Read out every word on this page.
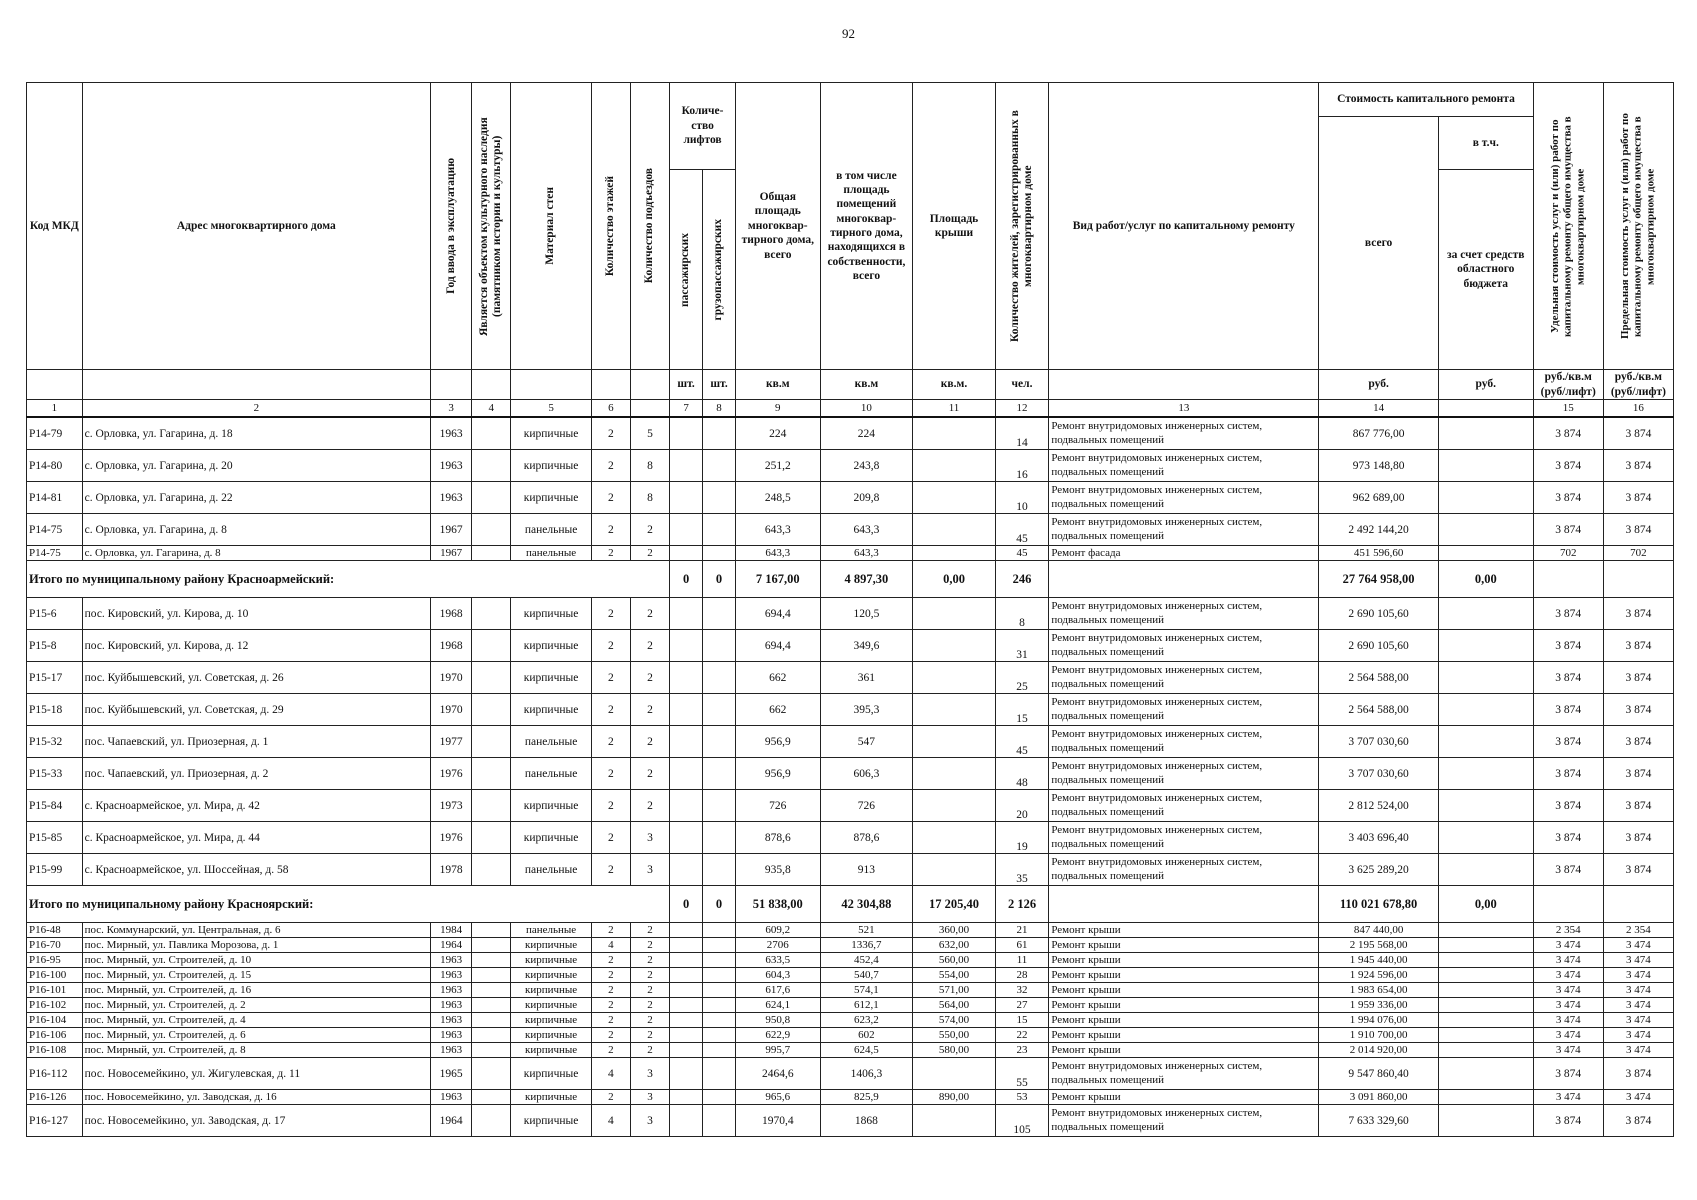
92
Код МКД	Адрес многоквартирного дома	Год ввода в эксплуатацию	Является объектом культурного наследия (памятником истории и культуры)	Материал стен	Количество этажей	Количество подъездов	Количе- ство лифтов		Общая площадь многоквар- тирного дома, всего	в том числе площадь помещений многоквар- тирного дома, находящихся в собственности, всего	Площадь крыши	Количество жителей, зарегистрированных в многоквартирном доме	Вид работ/услуг по капитальному ремонту	Стоимость капитального ремонта		Удельная стоимость услуг и (или) работ по капитальному ремонту общего имущества в многоквартирном доме	Предельная стоимость услуг и (или) работ по капитальному ремонту общего имущества в многоквартирном доме

														всего	в т.ч.		

							пассажирских	грузопассажирских							за счет средств областного бюджета		
							шт.	шт.	кв.м	кв.м	кв.м.	чел.		руб.	руб.	руб./кв.м (руб/лифт)	руб./кв.м (руб/лифт)
1	2	3	4	5	6		7	8	9	10	11	12	13	14		15	16
Р14-79	с. Орловка, ул. Гагарина, д. 18	1963		кирпичные	2	5			224	224		14	Ремонт внутридомовых инженерных систем, подвальных помещений	867 776,00		3 874	3 874
Р14-80	с. Орловка, ул. Гагарина, д. 20	1963		кирпичные	2	8			251,2	243,8		16	Ремонт внутридомовых инженерных систем, подвальных помещений	973 148,80		3 874	3 874
Р14-81	с. Орловка, ул. Гагарина, д. 22	1963		кирпичные	2	8			248,5	209,8		10	Ремонт внутридомовых инженерных систем, подвальных помещений	962 689,00		3 874	3 874
Р14-75	с. Орловка, ул. Гагарина, д. 8	1967		панельные	2	2			643,3	643,3		45	Ремонт внутридомовых инженерных систем, подвальных помещений	2 492 144,20		3 874	3 874
Р14-75	с. Орловка, ул. Гагарина, д. 8	1967		панельные	2	2			643,3	643,3		45	Ремонт фасада	451 596,60		702	702
Итого по муниципальному району Красноармейский:							0	0	7 167,00	4 897,30	0,00	246		27 764 958,00	0,00		
Р15-6	пос. Кировский, ул. Кирова, д. 10	1968		кирпичные	2	2			694,4	120,5		8	Ремонт внутридомовых инженерных систем, подвальных помещений	2 690 105,60		3 874	3 874
Р15-8	пос. Кировский, ул. Кирова, д. 12	1968		кирпичные	2	2			694,4	349,6		31	Ремонт внутридомовых инженерных систем, подвальных помещений	2 690 105,60		3 874	3 874
Р15-17	пос. Куйбышевский, ул. Советская, д. 26	1970		кирпичные	2	2			662	361		25	Ремонт внутридомовых инженерных систем, подвальных помещений	2 564 588,00		3 874	3 874
Р15-18	пос. Куйбышевский, ул. Советская, д. 29	1970		кирпичные	2	2			662	395,3		15	Ремонт внутридомовых инженерных систем, подвальных помещений	2 564 588,00		3 874	3 874
Р15-32	пос. Чапаевский, ул. Приозерная, д. 1	1977		панельные	2	2			956,9	547		45	Ремонт внутридомовых инженерных систем, подвальных помещений	3 707 030,60		3 874	3 874
Р15-33	пос. Чапаевский, ул. Приозерная, д. 2	1976		панельные	2	2			956,9	606,3		48	Ремонт внутридомовых инженерных систем, подвальных помещений	3 707 030,60		3 874	3 874
Р15-84	с. Красноармейское, ул. Мира, д. 42	1973		кирпичные	2	2			726	726		20	Ремонт внутридомовых инженерных систем, подвальных помещений	2 812 524,00		3 874	3 874
Р15-85	с. Красноармейское, ул. Мира, д. 44	1976		кирпичные	2	3			878,6	878,6		19	Ремонт внутридомовых инженерных систем, подвальных помещений	3 403 696,40		3 874	3 874
Р15-99	с. Красноармейское, ул. Шоссейная, д. 58	1978		панельные	2	3			935,8	913		35	Ремонт внутридомовых инженерных систем, подвальных помещений	3 625 289,20		3 874	3 874
Итого по муниципальному району Красноярский:							0	0	51 838,00	42 304,88	17 205,40	2 126		110 021 678,80	0,00		
Р16-48	пос. Коммунарский, ул. Центральная, д. 6	1984		панельные	2	2			609,2	521	360,00	21	Ремонт крыши	847 440,00		2 354	2 354
Р16-70	пос. Мирный, ул. Павлика Морозова, д. 1	1964		кирпичные	4	2			2706	1336,7	632,00	61	Ремонт крыши	2 195 568,00		3 474	3 474
Р16-95	пос. Мирный, ул. Строителей, д. 10	1963		кирпичные	2	2			633,5	452,4	560,00	11	Ремонт крыши	1 945 440,00		3 474	3 474
Р16-100	пос. Мирный, ул. Строителей, д. 15	1963		кирпичные	2	2			604,3	540,7	554,00	28	Ремонт крыши	1 924 596,00		3 474	3 474
Р16-101	пос. Мирный, ул. Строителей, д. 16	1963		кирпичные	2	2			617,6	574,1	571,00	32	Ремонт крыши	1 983 654,00		3 474	3 474
Р16-102	пос. Мирный, ул. Строителей, д. 2	1963		кирпичные	2	2			624,1	612,1	564,00	27	Ремонт крыши	1 959 336,00		3 474	3 474
Р16-104	пос. Мирный, ул. Строителей, д. 4	1963		кирпичные	2	2			950,8	623,2	574,00	15	Ремонт крыши	1 994 076,00		3 474	3 474
Р16-106	пос. Мирный, ул. Строителей, д. 6	1963		кирпичные	2	2			622,9	602	550,00	22	Ремонт крыши	1 910 700,00		3 474	3 474
Р16-108	пос. Мирный, ул. Строителей, д. 8	1963		кирпичные	2	2			995,7	624,5	580,00	23	Ремонт крыши	2 014 920,00		3 474	3 474
Р16-112	пос. Новосемейкино, ул. Жигулевская, д. 11	1965		кирпичные	4	3			2464,6	1406,3		55	Ремонт внутридомовых инженерных систем, подвальных помещений	9 547 860,40		3 874	3 874
Р16-126	пос. Новосемейкино, ул. Заводская, д. 16	1963		кирпичные	2	3			965,6	825,9	890,00	53	Ремонт крыши	3 091 860,00		3 474	3 474
Р16-127	пос. Новосемейкино, ул. Заводская, д. 17	1964		кирпичные	4	3			1970,4	1868		105	Ремонт внутридомовых инженерных систем, подвальных помещений	7 633 329,60		3 874	3 874
